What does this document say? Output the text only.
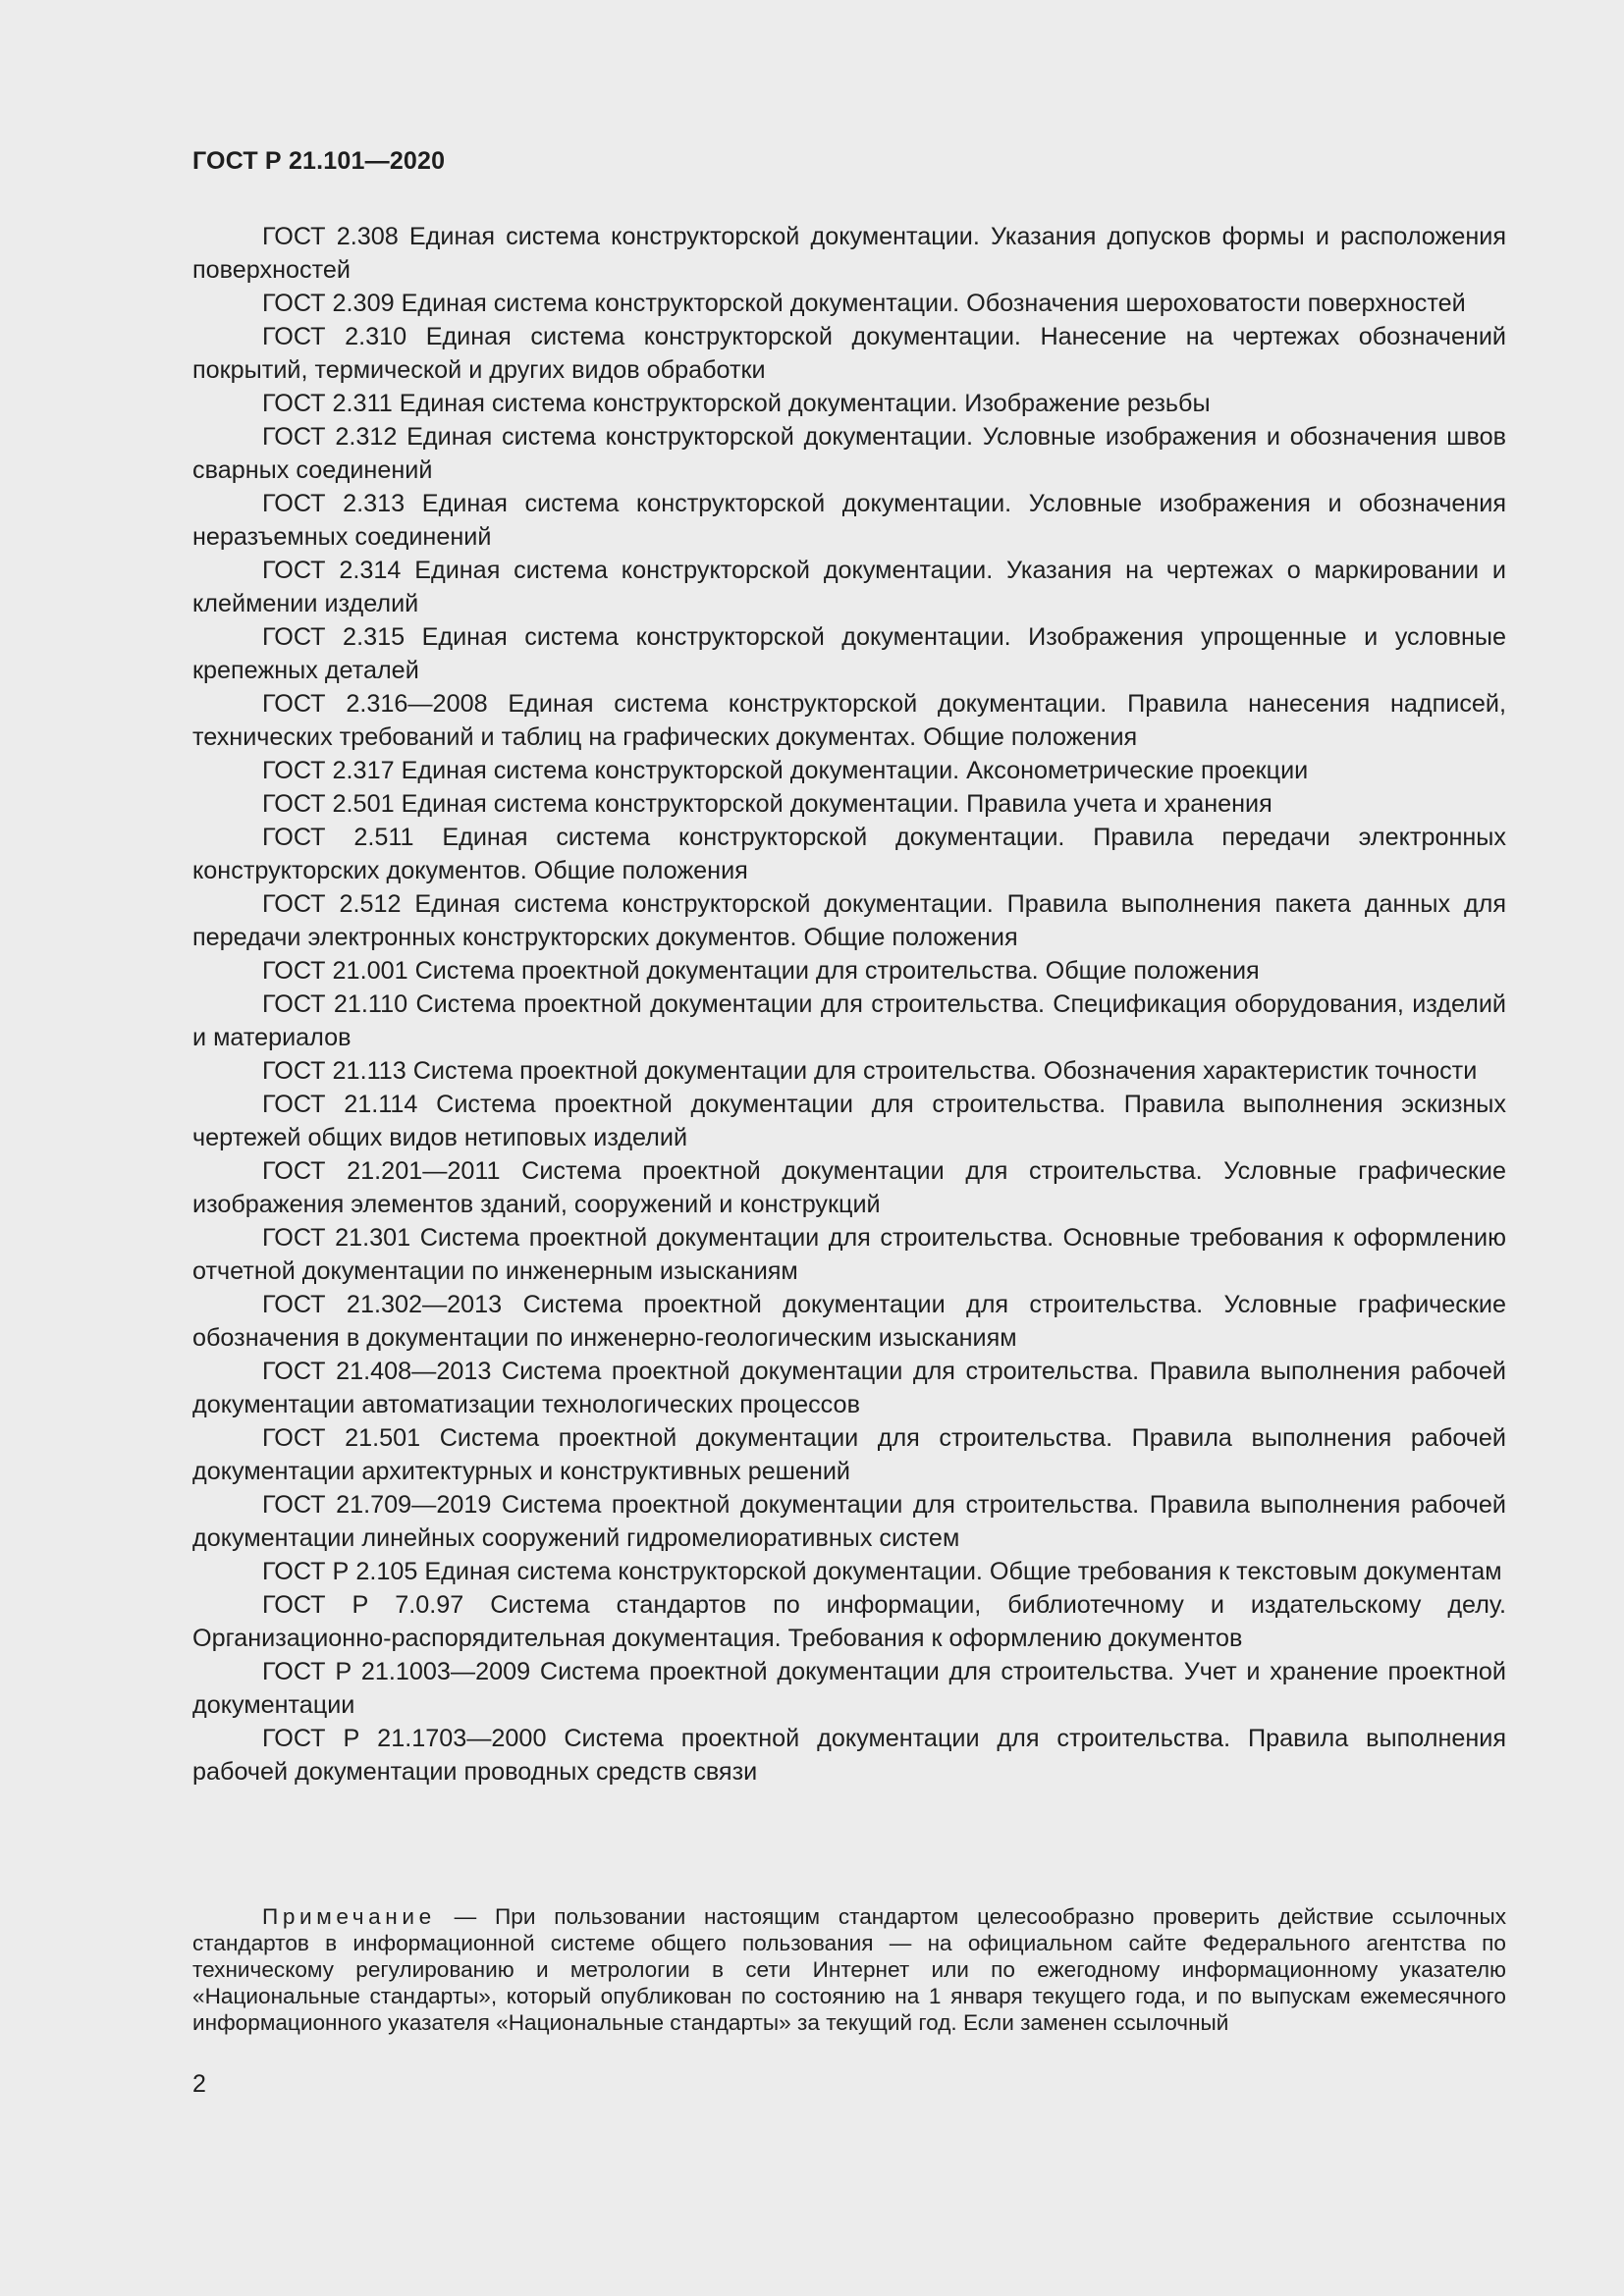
ГОСТ Р 21.101—2020
ГОСТ 2.308 Единая система конструкторской документации. Указания допусков формы и расположения поверхностей
ГОСТ 2.309 Единая система конструкторской документации. Обозначения шероховатости поверхностей
ГОСТ 2.310 Единая система конструкторской документации. Нанесение на чертежах обозначений покрытий, термической и других видов обработки
ГОСТ 2.311 Единая система конструкторской документации. Изображение резьбы
ГОСТ 2.312 Единая система конструкторской документации. Условные изображения и обозначения швов сварных соединений
ГОСТ 2.313 Единая система конструкторской документации. Условные изображения и обозначения неразъемных соединений
ГОСТ 2.314 Единая система конструкторской документации. Указания на чертежах о маркировании и клеймении изделий
ГОСТ 2.315 Единая система конструкторской документации. Изображения упрощенные и условные крепежных деталей
ГОСТ 2.316—2008 Единая система конструкторской документации. Правила нанесения надписей, технических требований и таблиц на графических документах. Общие положения
ГОСТ 2.317 Единая система конструкторской документации. Аксонометрические проекции
ГОСТ 2.501 Единая система конструкторской документации. Правила учета и хранения
ГОСТ 2.511 Единая система конструкторской документации. Правила передачи электронных конструкторских документов. Общие положения
ГОСТ 2.512 Единая система конструкторской документации. Правила выполнения пакета данных для передачи электронных конструкторских документов. Общие положения
ГОСТ 21.001 Система проектной документации для строительства. Общие положения
ГОСТ 21.110 Система проектной документации для строительства. Спецификация оборудования, изделий и материалов
ГОСТ 21.113 Система проектной документации для строительства. Обозначения характеристик точности
ГОСТ 21.114 Система проектной документации для строительства. Правила выполнения эскизных чертежей общих видов нетиповых изделий
ГОСТ 21.201—2011 Система проектной документации для строительства. Условные графические изображения элементов зданий, сооружений и конструкций
ГОСТ 21.301 Система проектной документации для строительства. Основные требования к оформлению отчетной документации по инженерным изысканиям
ГОСТ 21.302—2013 Система проектной документации для строительства. Условные графические обозначения в документации по инженерно-геологическим изысканиям
ГОСТ 21.408—2013 Система проектной документации для строительства. Правила выполнения рабочей документации автоматизации технологических процессов
ГОСТ 21.501 Система проектной документации для строительства. Правила выполнения рабочей документации архитектурных и конструктивных решений
ГОСТ 21.709—2019 Система проектной документации для строительства. Правила выполнения рабочей документации линейных сооружений гидромелиоративных систем
ГОСТ Р 2.105 Единая система конструкторской документации. Общие требования к текстовым документам
ГОСТ Р 7.0.97 Система стандартов по информации, библиотечному и издательскому делу. Организационно-распорядительная документация. Требования к оформлению документов
ГОСТ Р 21.1003—2009 Система проектной документации для строительства. Учет и хранение проектной документации
ГОСТ Р 21.1703—2000 Система проектной документации для строительства. Правила выполнения рабочей документации проводных средств связи

Примечание — При пользовании настоящим стандартом целесообразно проверить действие ссылочных стандартов в информационной системе общего пользования — на официальном сайте Федерального агентства по техническому регулированию и метрологии в сети Интернет или по ежегодному информационному указателю «Национальные стандарты», который опубликован по состоянию на 1 января текущего года, и по выпускам ежемесячного информационного указателя «Национальные стандарты» за текущий год. Если заменен ссылочный

2
